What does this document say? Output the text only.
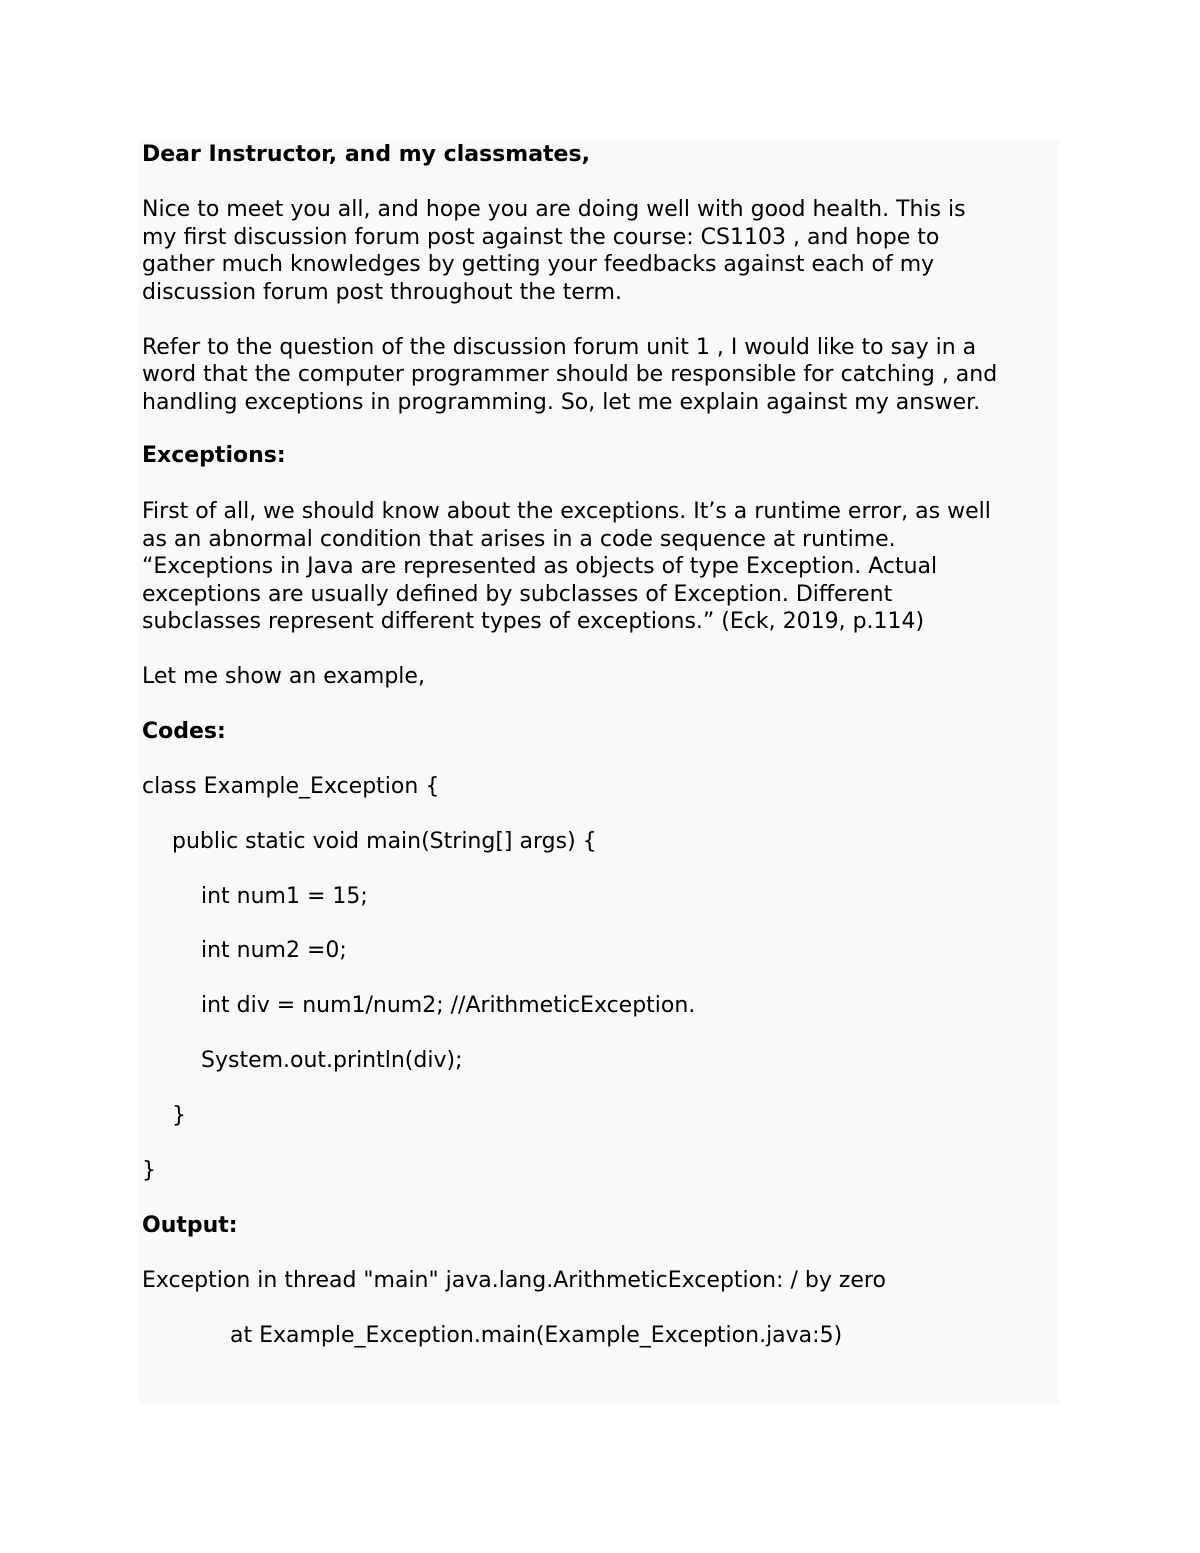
Dear Instructor, and my classmates,

Nice to meet you all, and hope you are doing well with good health. This is

my first discussion forum post against the course: CS1103 , and hope to

gather much knowledges by getting your feedbacks against each of my

discussion forum post throughout the term.

Refer to the question of the discussion forum unit 1 , I would like to say in a

word that the computer programmer should be responsible for catching , and

handling exceptions in programming. So, let me explain against my answer.

Exceptions:

First of all, we should know about the exceptions. It’s a runtime error, as well

as an abnormal condition that arises in a code sequence at runtime.

“Exceptions in Java are represented as objects of type Exception. Actual

exceptions are usually defined by subclasses of Exception. Different

subclasses represent different types of exceptions.” (Eck, 2019, p.114)

Let me show an example,

Codes:

class Example_Exception {

public static void main(String[] args) {

int num1 = 15;

int num2 =0;

int div = num1/num2; //ArithmeticException.

System.out.println(div);

}

}

Output:

Exception in thread "main" java.lang.ArithmeticException: / by zero

at Example_Exception.main(Example_Exception.java:5)
